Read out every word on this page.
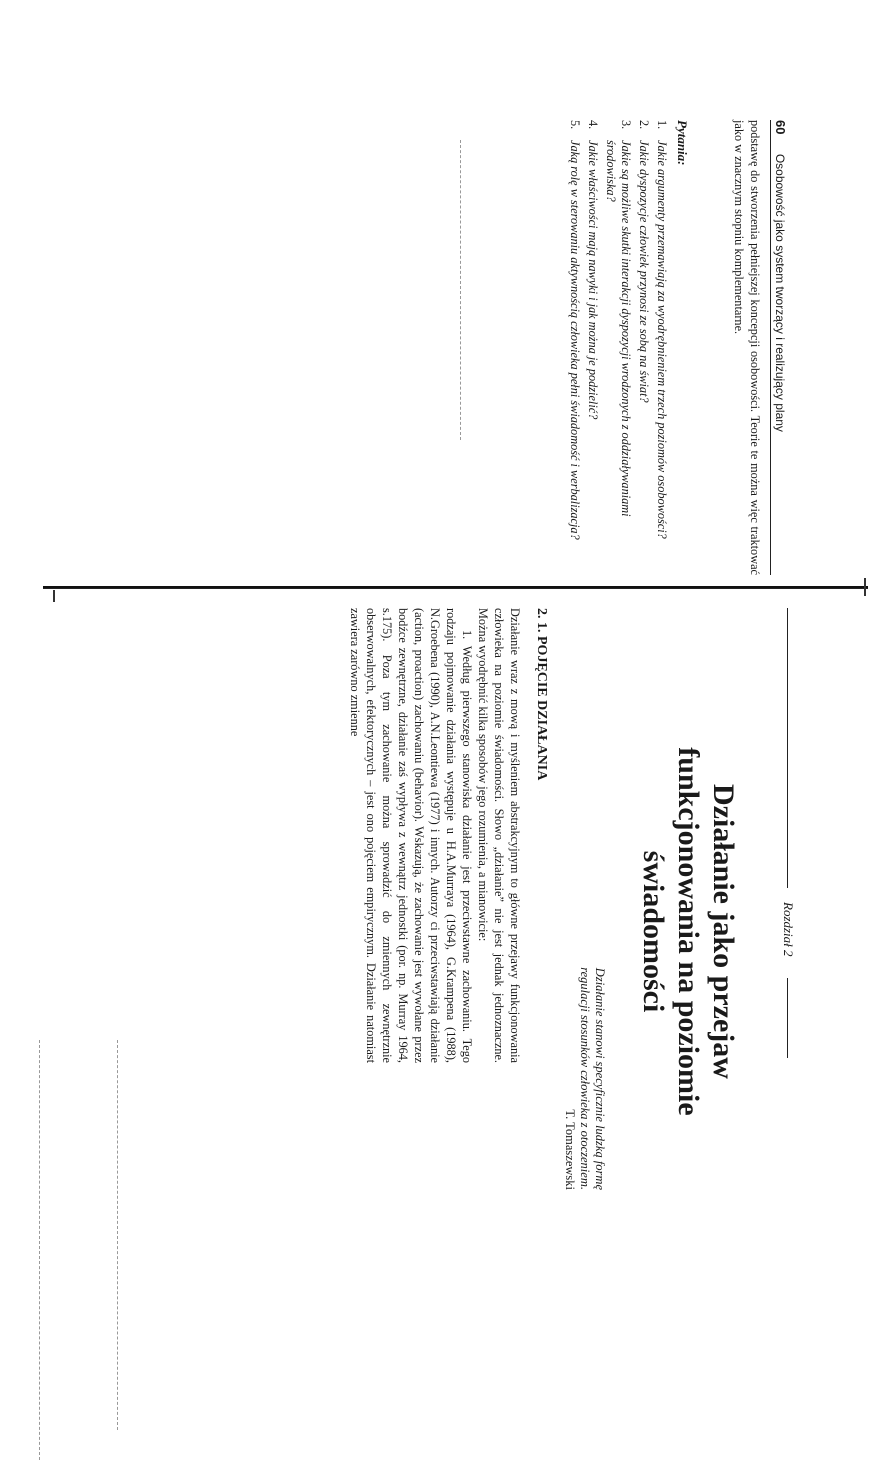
60 Osobowość jako system tworzący i realizujący plany
podstawę do stworzenia pełniejszej koncepcji osobowości. Teorie te można więc traktować jako w znacznym stopniu komplementarne.
Pytania:
1.
Jakie argumenty przemawiają za wyodrębnieniem trzech poziomów osobowości?
2.
Jakie dyspozycje człowiek przynosi ze sobą na świat?
3.
Jakie są możliwe skutki interakcji dyspozycji wrodzonych z oddziaływaniami środowiska?
4.
Jakie właściwości mają nawyki i jak można je podzielić?
5.
Jaką rolę w sterowaniu aktywnością człowieka pełni świadomość i werbalizacja?
Rozdział 2
Działanie jako przejaw
funkcjonowania na poziomie
świadomości
Działanie stanowi specyficznie ludzką formę
regulacji stosunków człowieka z otoczeniem.
T. Tomaszewski
2. 1. POJĘCIE DZIAŁANIA

Działanie wraz z mową i myśleniem abstrakcyjnym to główne przejawy funkcjonowania człowieka na poziomie świadomości. Słowo „działanie” nie jest jednak jednoznaczne. Można wyodrębnić kilka sposobów jego rozumienia, a mianowicie:

1. Według pierwszego stanowiska działanie jest przeciwstawne zachowaniu. Tego rodzaju pojmowanie działania występuje u H.A.Murraya (1964), G.Krampena (1988), N.Groebena (1990), A.N.Leontiewa (1977) i innych. Autorzy ci przeciwstawiają działanie (action, proaction) zachowaniu (behavior). Wskazują, że zachowanie jest wywołane przez bodźce zewnętrzne, działanie zaś wypływa z wewnątrz jednostki (por. np. Murray 1964, s.175). Poza tym zachowanie można sprowadzić do zmiennych zewnętrznie obserwowalnych, efektorycznych – jest ono pojęciem empirycznym. Działanie natomiast zawiera zarówno zmienne
